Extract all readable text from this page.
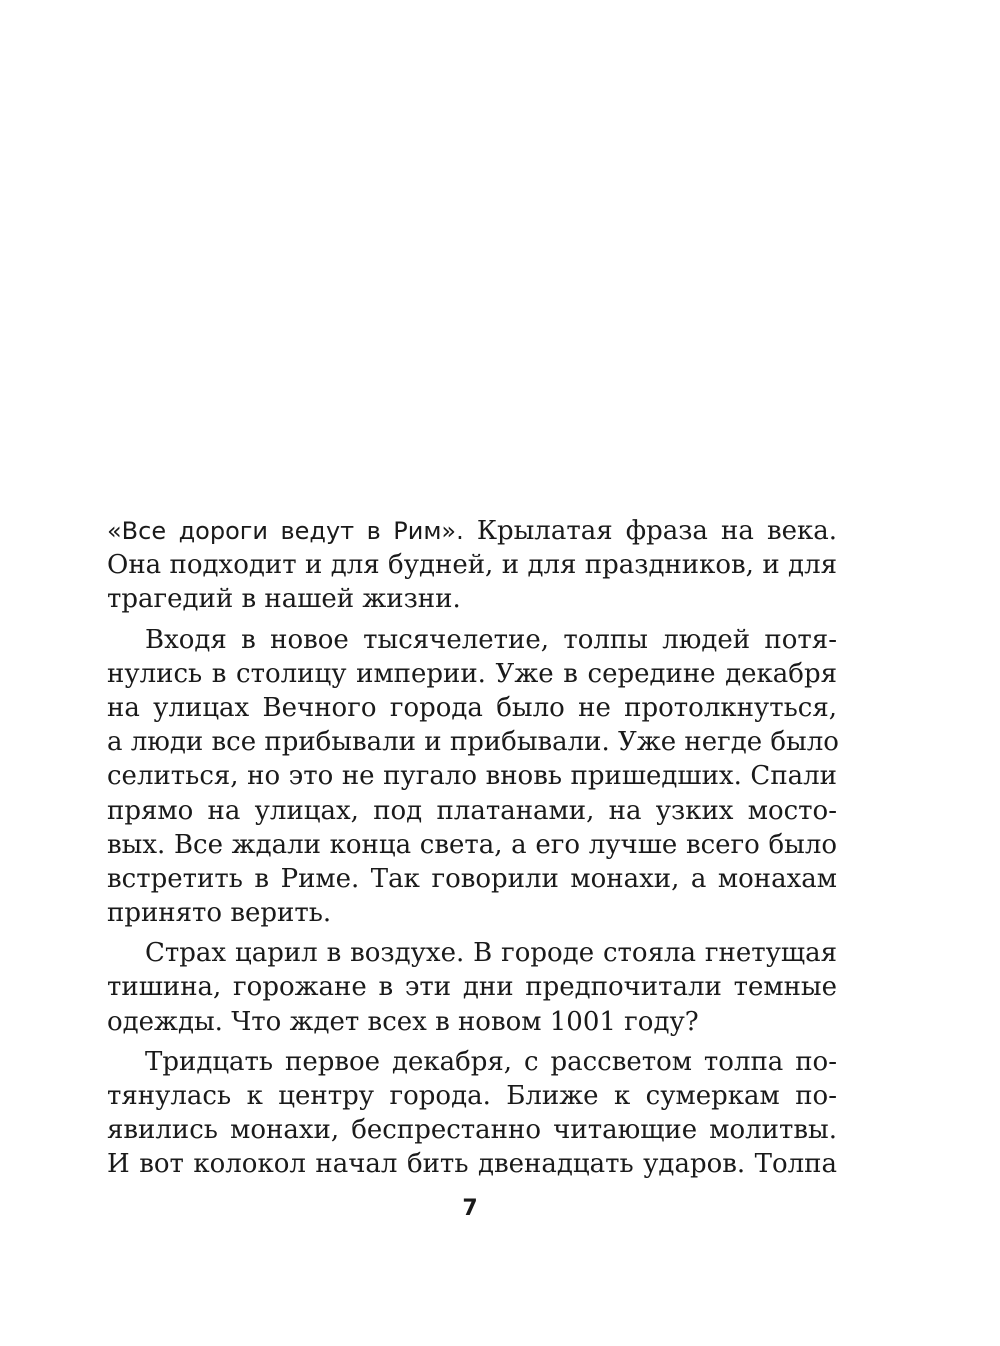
«Все дороги ведут в Рим». Крылатая фраза на века.
Она подходит и для будней, и для праздников, и для
трагедий в нашей жизни.
Входя в новое тысячелетие, толпы людей потя-
нулись в столицу империи. Уже в середине декабря
на улицах Вечного города было не протолкнуться,
а люди все прибывали и прибывали. Уже негде было
селиться, но это не пугало вновь пришедших. Спали
прямо на улицах, под платанами, на узких мосто-
вых. Все ждали конца света, а его лучше всего было
встретить в Риме. Так говорили монахи, а монахам
принято верить.
Страх царил в воздухе. В городе стояла гнетущая
тишина, горожане в эти дни предпочитали темные
одежды. Что ждет всех в новом 1001 году?
Тридцать первое декабря, с рассветом толпа по-
тянулась к центру города. Ближе к сумеркам по-
явились монахи, беспрестанно читающие молитвы.
И вот колокол начал бить двенадцать ударов. Толпа
7
